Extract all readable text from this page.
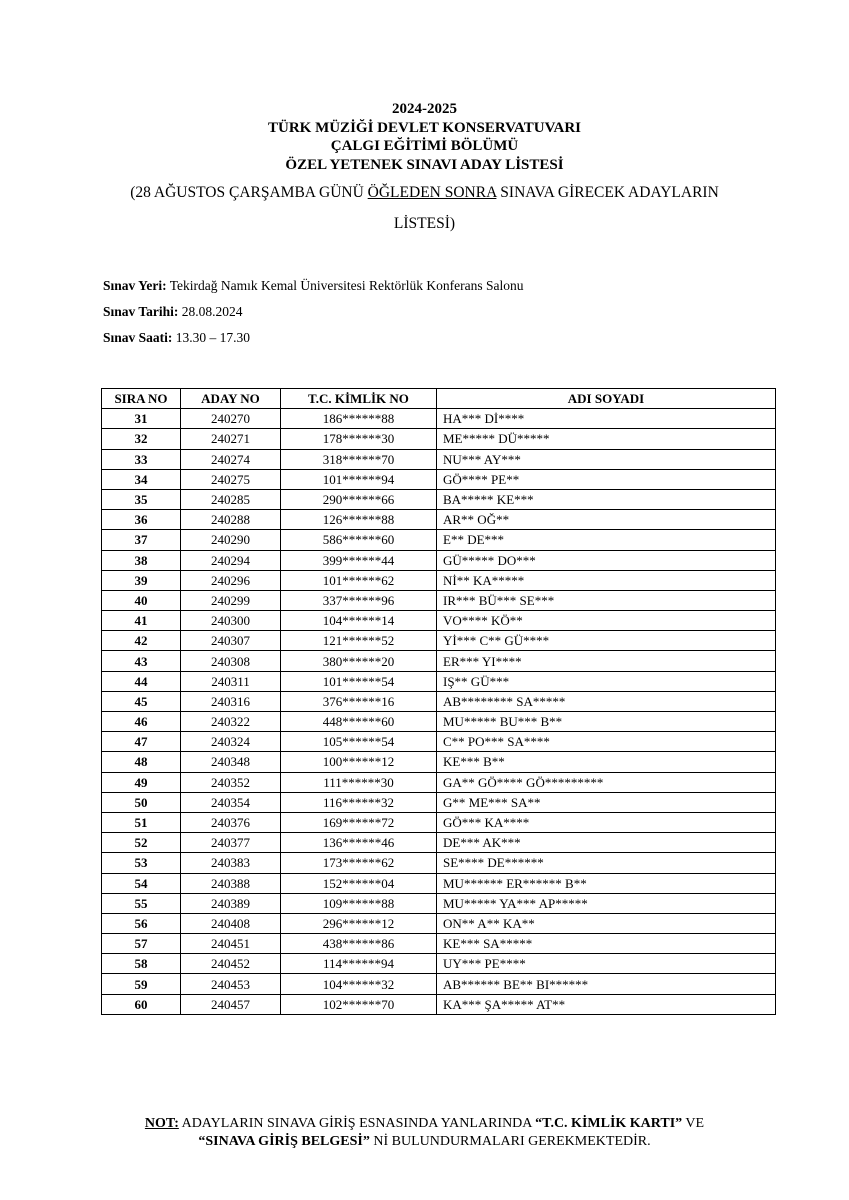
2024-2025
TÜRK MÜZİĞİ DEVLET KONSERVATUVARI
ÇALGI EĞİTİMİ BÖLÜMÜ
ÖZEL YETENEK SINAVI ADAY LİSTESİ
(28 AĞUSTOS ÇARŞAMBA GÜNÜ ÖĞLEDEN SONRA SINAVA GİRECEK ADAYLARIN LİSTESİ)
Sınav Yeri: Tekirdağ Namık Kemal Üniversitesi Rektörlük Konferans Salonu
Sınav Tarihi: 28.08.2024
Sınav Saati: 13.30 – 17.30
SIRA NO	ADAY NO	T.C. KİMLİK NO	ADI SOYADI
31	240270	186******88	HA*** Dİ****
32	240271	178******30	ME***** DÜ*****
33	240274	318******70	NU*** AY***
34	240275	101******94	GÖ**** PE**
35	240285	290******66	BA***** KE***
36	240288	126******88	AR** OĞ**
37	240290	586******60	E** DE***
38	240294	399******44	GÜ***** DO***
39	240296	101******62	Nİ** KA*****
40	240299	337******96	IR*** BÜ*** SE***
41	240300	104******14	VO**** KÖ**
42	240307	121******52	Yİ*** C** GÜ****
43	240308	380******20	ER*** YI****
44	240311	101******54	IŞ** GÜ***
45	240316	376******16	AB******** SA*****
46	240322	448******60	MU***** BU*** B**
47	240324	105******54	C** PO*** SA****
48	240348	100******12	KE*** B**
49	240352	111******30	GA** GÖ**** GÖ*********
50	240354	116******32	G** ME*** SA**
51	240376	169******72	GÖ*** KA****
52	240377	136******46	DE*** AK***
53	240383	173******62	SE**** DE******
54	240388	152******04	MU****** ER****** B**
55	240389	109******88	MU***** YA*** AP*****
56	240408	296******12	ON** A** KA**
57	240451	438******86	KE*** SA*****
58	240452	114******94	UY*** PE****
59	240453	104******32	AB****** BE** BI******
60	240457	102******70	KA*** ŞA***** AT**
NOT: ADAYLARIN SINAVA GİRİŞ ESNASINDA YANLARINDA “T.C. KİMLİK KARTI” VE
“SINAVA GİRİŞ BELGESİ” Nİ BULUNDURMALARI GEREKMEKTEDİR.
